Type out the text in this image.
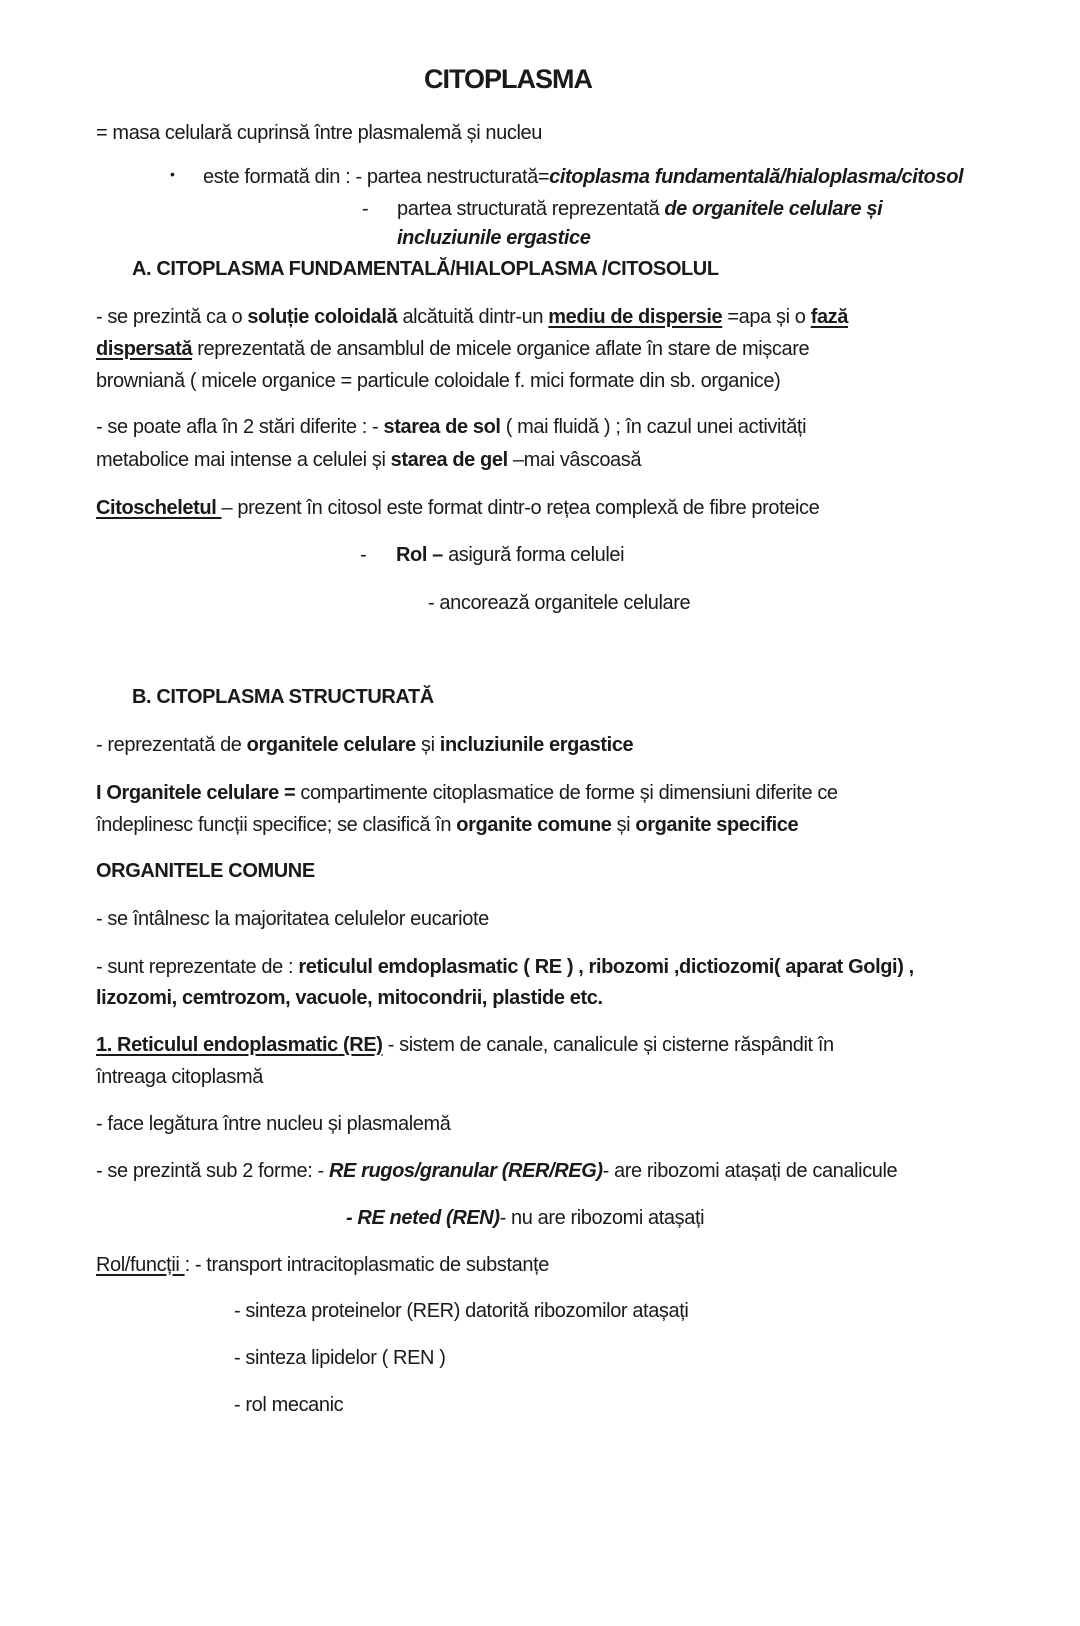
CITOPLASMA
= masa celulară cuprinsă între plasmalemă și nucleu
• este formată din : - partea nestructurată=citoplasma fundamentală/hialoplasma/citosol
- partea structurată reprezentată de organitele celulare și
incluziunile ergastice
A. CITOPLASMA FUNDAMENTALĂ/HIALOPLASMA /CITOSOLUL
- se prezintă ca o soluție coloidală alcătuită dintr-un mediu de dispersie =apa și o fază
dispersată reprezentată de ansamblul de micele organice aflate în stare de mișcare
browniană ( micele organice = particule coloidale f. mici formate din sb. organice)
- se poate afla în 2 stări diferite : - starea de sol ( mai fluidă ) ; în cazul unei activități
metabolice mai intense a celulei și starea de gel –mai vâscoasă
Citoscheletul – prezent în citosol este format dintr-o rețea complexă de fibre proteice
- Rol – asigură forma celulei
- ancorează organitele celulare
B. CITOPLASMA STRUCTURATĂ
- reprezentată de organitele celulare și incluziunile ergastice
I Organitele celulare = compartimente citoplasmatice de forme și dimensiuni diferite ce
îndeplinesc funcții specifice; se clasifică în organite comune și organite specifice
ORGANITELE COMUNE
- se întâlnesc la majoritatea celulelor eucariote
- sunt reprezentate de : reticulul emdoplasmatic ( RE ) , ribozomi ,dictiozomi( aparat Golgi) ,
lizozomi, cemtrozom, vacuole, mitocondrii, plastide etc.
1. Reticulul endoplasmatic (RE) - sistem de canale, canalicule și cisterne răspândit în
întreaga citoplasmă
- face legătura între nucleu și plasmalemă
- se prezintă sub 2 forme: - RE rugos/granular (RER/REG)- are ribozomi atașați de canalicule
- RE neted (REN)- nu are ribozomi atașați
Rol/funcții : - transport intracitoplasmatic de substanțe
- sinteza proteinelor (RER) datorită ribozomilor atașați
- sinteza lipidelor ( REN )
- rol mecanic
